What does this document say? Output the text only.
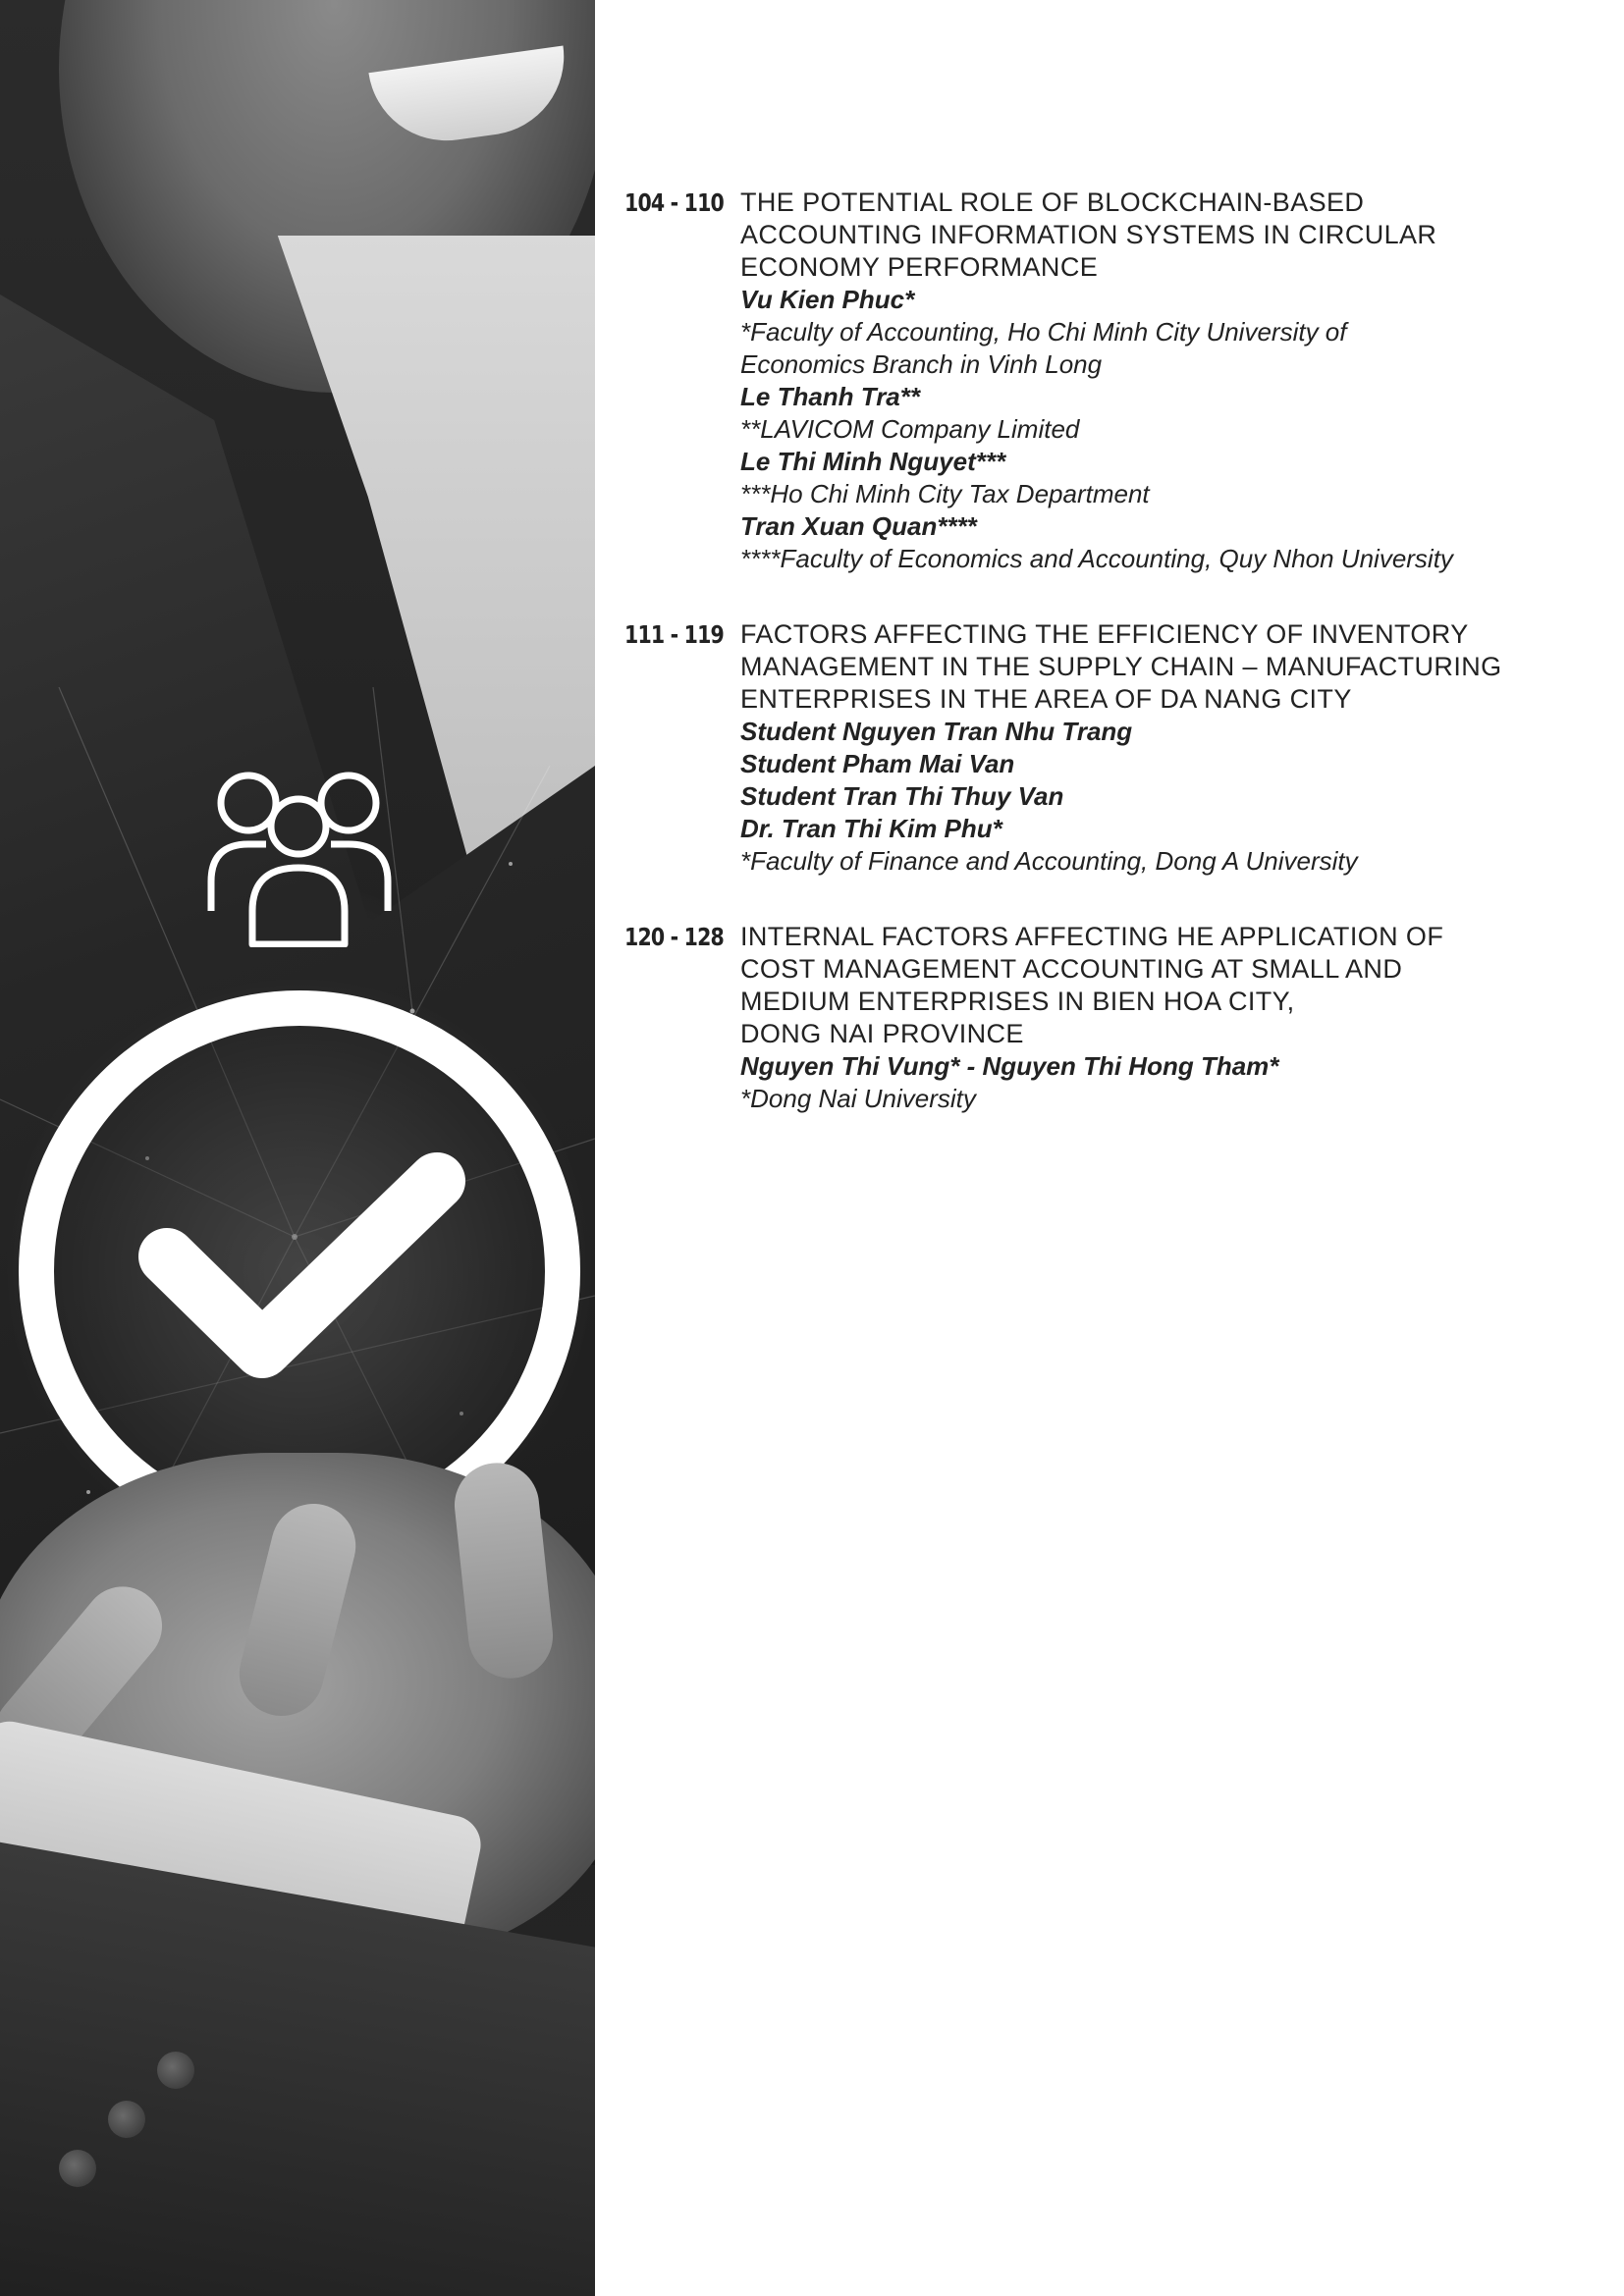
104 - 110 THE POTENTIAL ROLE OF BLOCKCHAIN-BASED
ACCOUNTING INFORMATION SYSTEMS IN CIRCULAR
ECONOMY PERFORMANCE
Vu Kien Phuc*
*Faculty of Accounting, Ho Chi Minh City University of
Economics Branch in Vinh Long
Le Thanh Tra**
**LAVICOM Company Limited
Le Thi Minh Nguyet***
***Ho Chi Minh City Tax Department
Tran Xuan Quan****
****Faculty of Economics and Accounting, Quy Nhon University
111 - 119 FACTORS AFFECTING THE EFFICIENCY OF INVENTORY
MANAGEMENT IN THE SUPPLY CHAIN – MANUFACTURING
ENTERPRISES IN THE AREA OF DA NANG CITY
Student Nguyen Tran Nhu Trang
Student Pham Mai Van
Student Tran Thi Thuy Van
Dr. Tran Thi Kim Phu*
*Faculty of Finance and Accounting, Dong A University
120 - 128 INTERNAL FACTORS AFFECTING HE APPLICATION OF
COST MANAGEMENT ACCOUNTING AT SMALL AND
MEDIUM ENTERPRISES IN BIEN HOA CITY,
DONG NAI PROVINCE
Nguyen Thi Vung* - Nguyen Thi Hong Tham*
*Dong Nai University
